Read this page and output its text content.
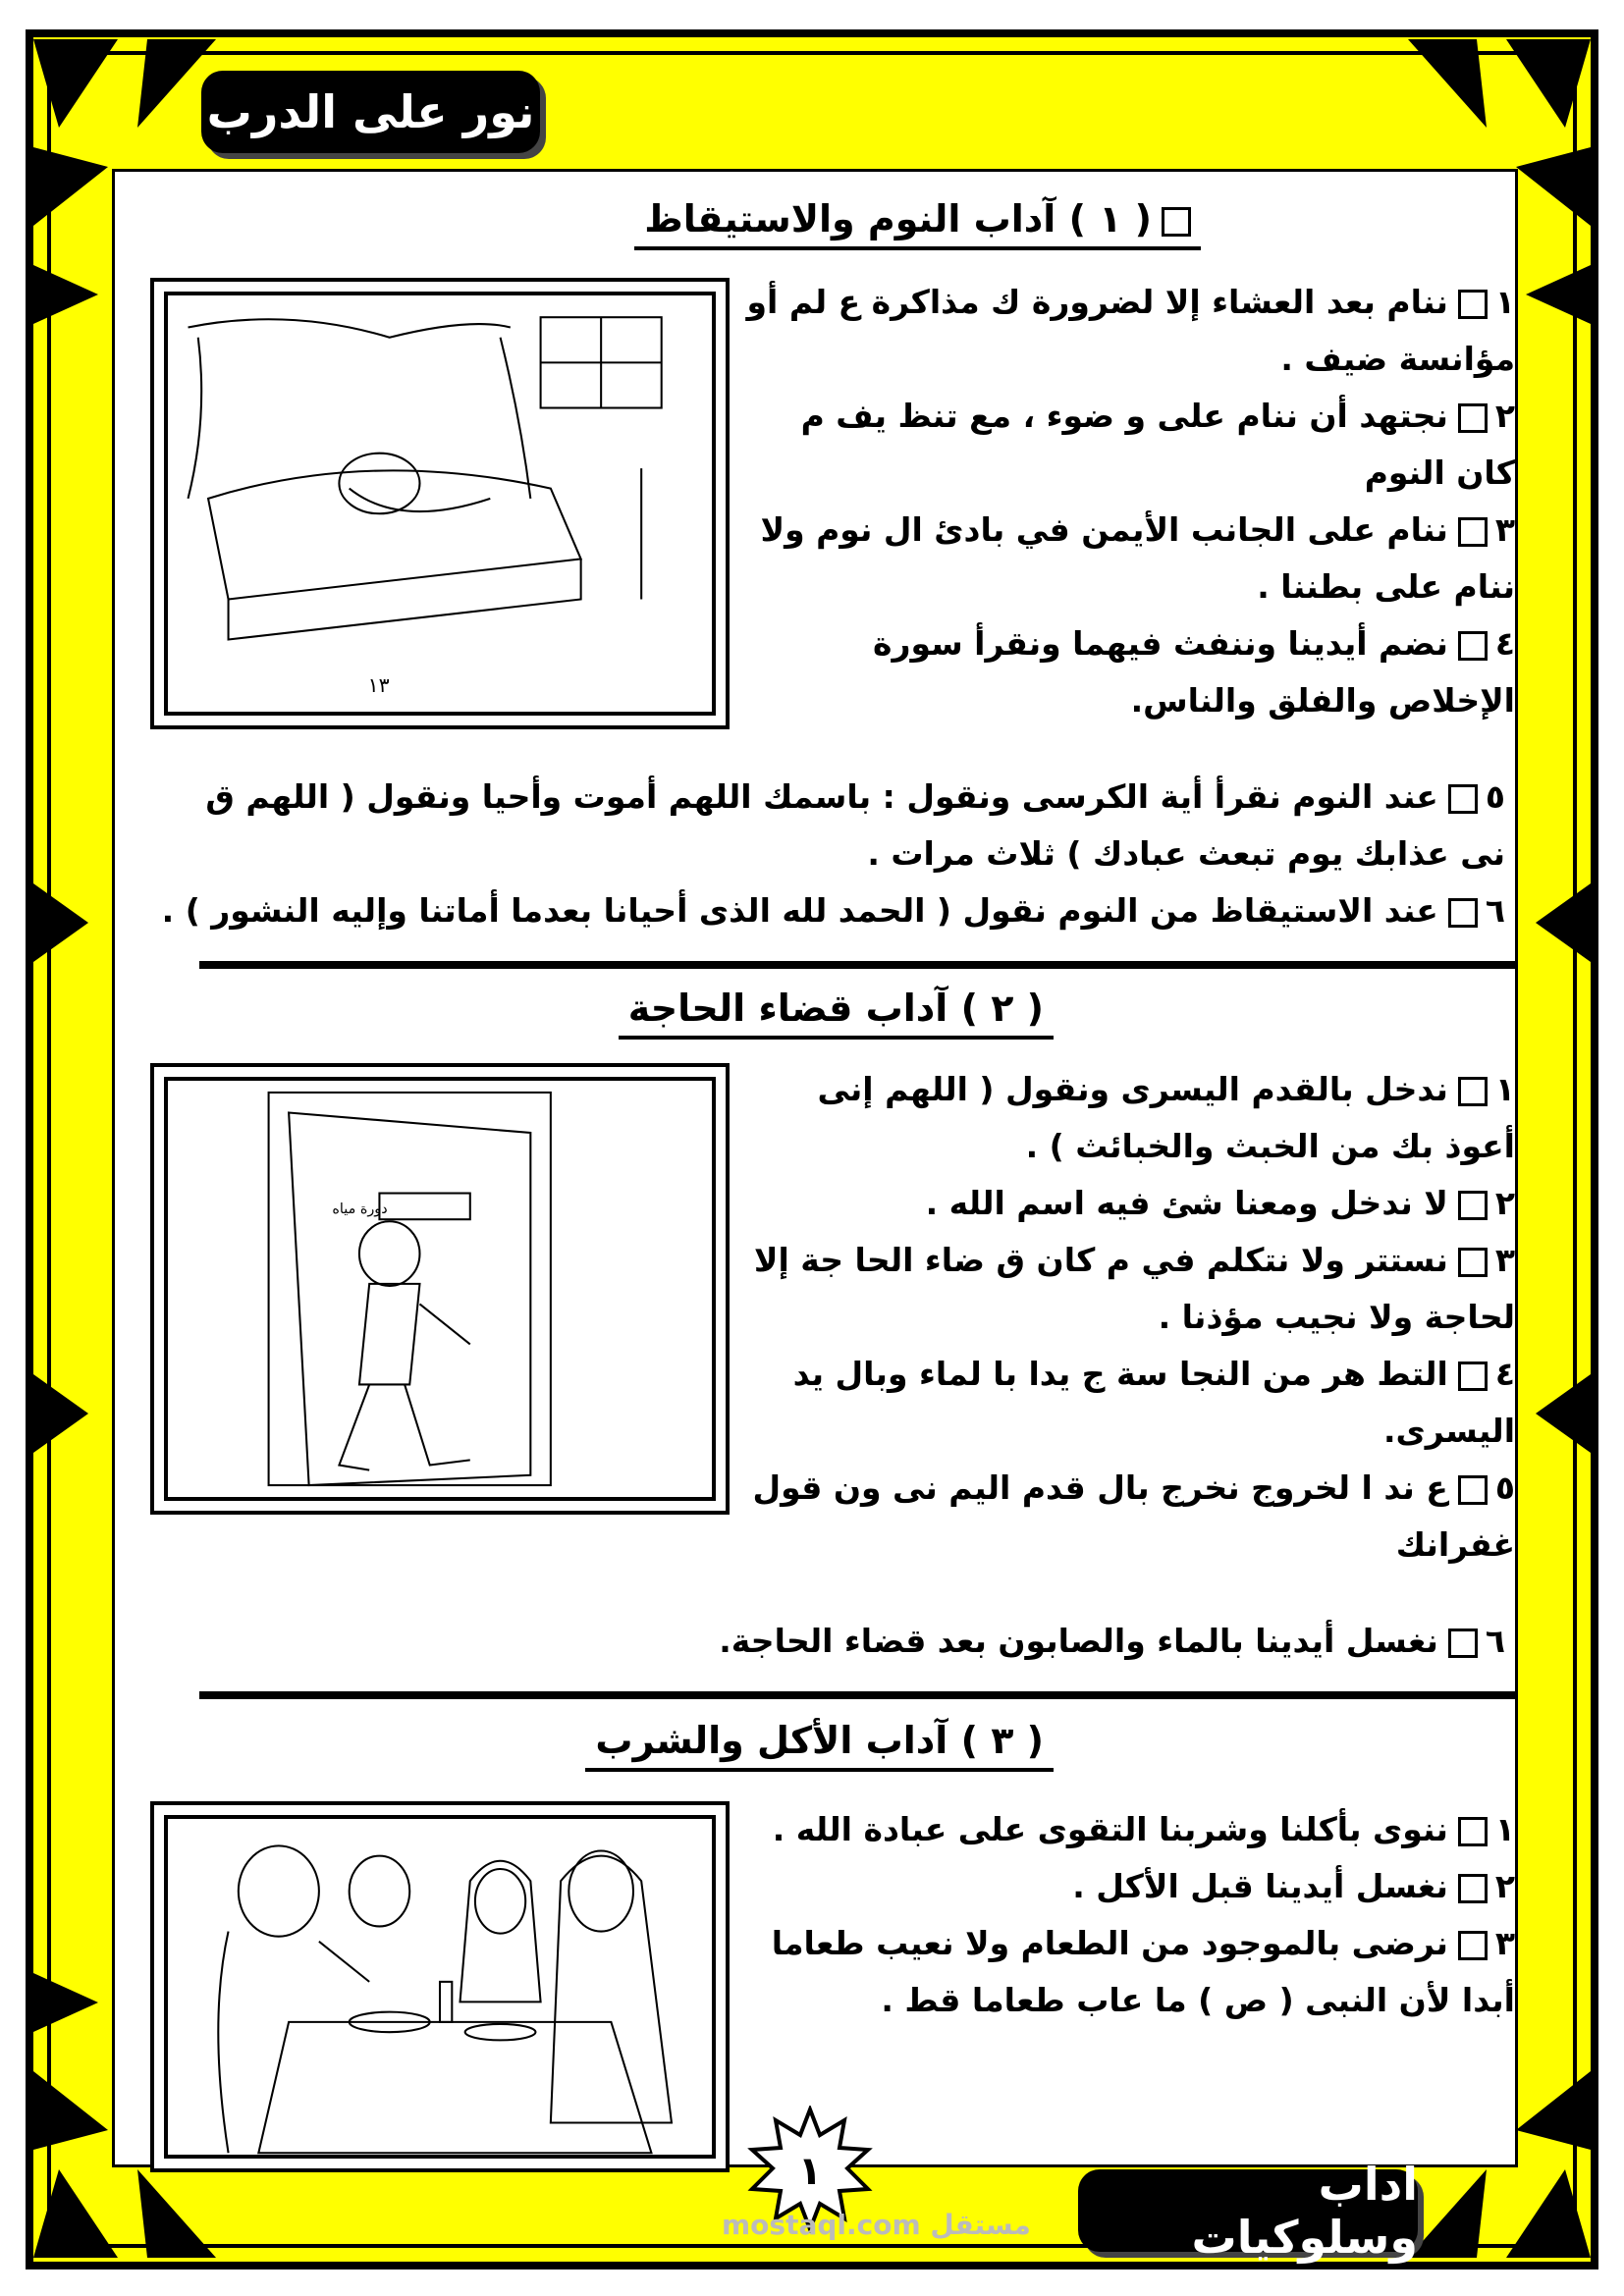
نور على الدرب
( ١ ) آداب النوم والاستيقاظ
١٣
١ننام بعد العشاء إلا لضرورة ك مذاكرة ع لم أو مؤانسة ضيف .
٢نجتهد أن ننام على و ضوء ، مع تنظ يف م كان النوم
٣ننام على الجانب الأيمن في بادئ ال نوم ولا ننام على بطننا .
٤نضم أيدينا وننفث فيهما ونقرأ سورة الإخلاص والفلق والناس.
٥عند النوم نقرأ أية الكرسى ونقول : باسمك اللهم أموت وأحيا ونقول ( اللهم ق نى عذابك يوم تبعث عبادك ) ثلاث مرات .
٦عند الاستيقاظ من النوم نقول ( الحمد لله الذى أحيانا بعدما أماتنا وإليه النشور ) .
( ٢ ) آداب قضاء الحاجة
دورة مياه
١ندخل بالقدم اليسرى ونقول ( اللهم إنى أعوذ بك من الخبث والخبائث ) .
٢لا ندخل ومعنا شئ فيه اسم الله .
٣نستتر ولا نتكلم في م كان ق ضاء الحا جة إلا لحاجة ولا نجيب مؤذنا .
٤التط هر من النجا سة ج يدا با لماء وبال يد اليسرى.
٥ع ند ا لخروج نخرج بال قدم اليم نى ون قول غفرانك
٦نغسل أيدينا بالماء والصابون بعد قضاء الحاجة.
( ٣ ) آداب الأكل والشرب
١ننوى بأكلنا وشربنا التقوى على عبادة الله .
٢نغسل أيدينا قبل الأكل .
٣نرضى بالموجود من الطعام ولا نعيب طعاما أبدا لأن النبى ( ص ) ما عاب طعاما قط .
١
مستقل mostaql.com
آداب وسلوكيات
